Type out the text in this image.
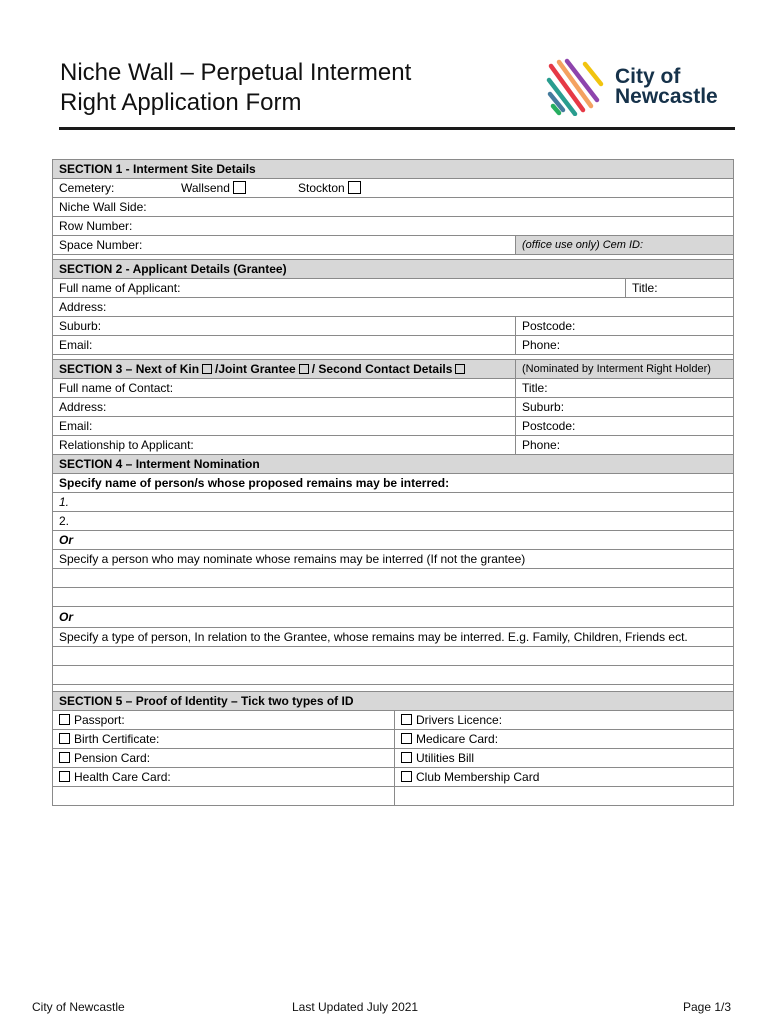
Niche Wall – Perpetual Interment
Right Application Form
City of
Newcastle
SECTION 1 - Interment Site Details			
Cemetery: Wallsend Stockton			

Niche Wall Side:			
Row Number:			
Space Number:		(office use only) Cem ID:	

SECTION 2 - Applicant Details (Grantee)			
Full name of Applicant:			Title:
Address:			
Suburb:		Postcode:	
Email:		Phone:	

SECTION 3 – Next of Kin /Joint Grantee / Second Contact Details		(Nominated by Interment Right Holder)	
Full name of Contact:		Title:	
Address:		Suburb:	
Email:		Postcode:	
Relationship to Applicant:		Phone:	
SECTION 4 – Interment Nomination			
Specify name of person/s whose proposed remains may be interred:			
1.			
2.			
Or			
Specify a person who may nominate whose remains may be interred (If not the grantee)			

Or			
Specify a type of person, In relation to the Grantee, whose remains may be interred. E.g. Family, Children, Friends ect.			

SECTION 5 – Proof of Identity – Tick two types of ID			
Passport:	Drivers Licence:		
Birth Certificate:	Medicare Card:		
Pension Card:	Utilities Bill		
Health Care Card:	Club Membership Card		

City of Newcastle	Last Updated July 2021	Page 1/3
